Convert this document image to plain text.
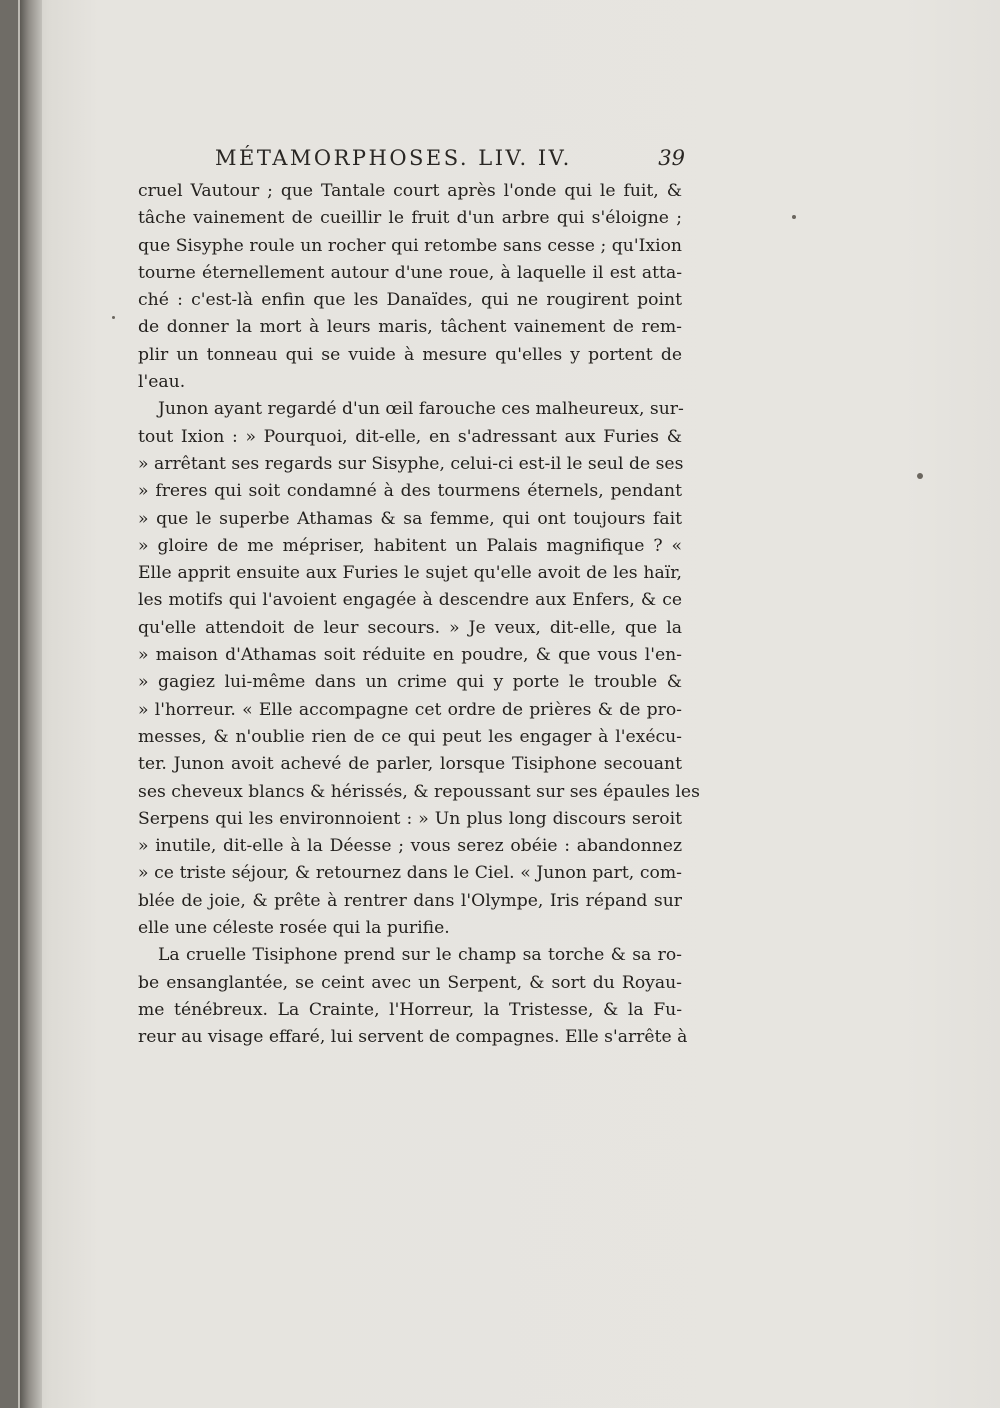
MÉTAMORPHOSES. LIV. IV.	39
cruel Vautour ; que Tantale court après l'onde qui le fuit, &
tâche vainement de cueillir le fruit d'un arbre qui s'éloigne ;
que Sisyphe roule un rocher qui retombe sans cesse ; qu'Ixion
tourne éternellement autour d'une roue, à laquelle il est atta-
ché : c'est-là enfin que les Danaïdes, qui ne rougirent point
de donner la mort à leurs maris, tâchent vainement de rem-
plir un tonneau qui se vuide à mesure qu'elles y portent de
l'eau.
Junon ayant regardé d'un œil farouche ces malheureux, sur-
tout Ixion : » Pourquoi, dit-elle, en s'adressant aux Furies &
» arrêtant ses regards sur Sisyphe, celui-ci est-il le seul de ses
» freres qui soit condamné à des tourmens éternels, pendant
» que le superbe Athamas & sa femme, qui ont toujours fait
» gloire de me mépriser, habitent un Palais magnifique ? «
Elle apprit ensuite aux Furies le sujet qu'elle avoit de les haïr,
les motifs qui l'avoient engagée à descendre aux Enfers, & ce
qu'elle attendoit de leur secours. » Je veux, dit-elle, que la
» maison d'Athamas soit réduite en poudre, & que vous l'en-
» gagiez lui-même dans un crime qui y porte le trouble &
» l'horreur. « Elle accompagne cet ordre de prières & de pro-
messes, & n'oublie rien de ce qui peut les engager à l'exécu-
ter. Junon avoit achevé de parler, lorsque Tisiphone secouant
ses cheveux blancs & hérissés, & repoussant sur ses épaules les
Serpens qui les environnoient : » Un plus long discours seroit
» inutile, dit-elle à la Déesse ; vous serez obéie : abandonnez
» ce triste séjour, & retournez dans le Ciel. « Junon part, com-
blée de joie, & prête à rentrer dans l'Olympe, Iris répand sur
elle une céleste rosée qui la purifie.
La cruelle Tisiphone prend sur le champ sa torche & sa ro-
be ensanglantée, se ceint avec un Serpent, & sort du Royau-
me ténébreux. La Crainte, l'Horreur, la Tristesse, & la Fu-
reur au visage effaré, lui servent de compagnes. Elle s'arrête à
